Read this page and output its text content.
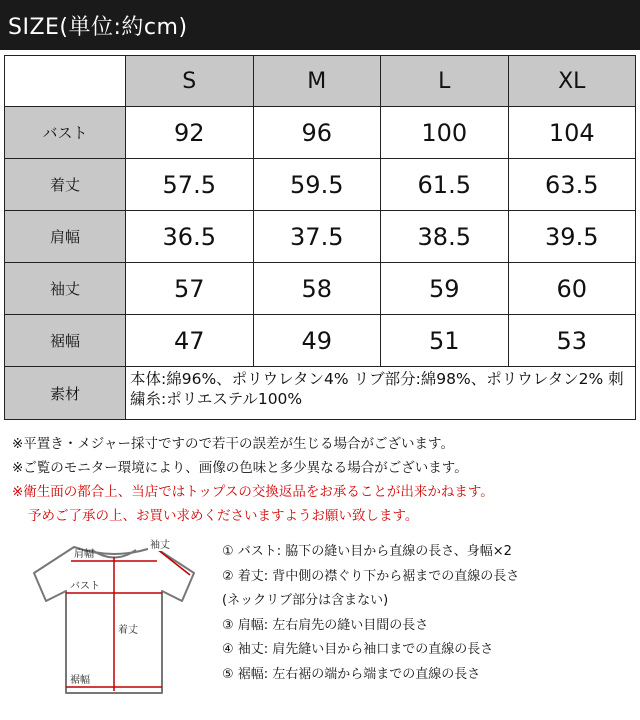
SIZE(単位:約cm)
	S	M	L	XL
バスト	92	96	100	104
着丈	57.5	59.5	61.5	63.5
肩幅	36.5	37.5	38.5	39.5
袖丈	57	58	59	60
裾幅	47	49	51	53
素材	本体:綿96%、ポリウレタン4% リブ部分:綿98%、ポリウレタン2% 刺繍糸:ポリエステル100%			
※平置き・メジャー採寸ですので若干の誤差が生じる場合がございます。
※ご覧のモニター環境により、画像の色味と多少異なる場合がございます。
※衛生面の都合上、当店ではトップスの交換返品をお承ることが出来かねます。
予めご了承の上、お買い求めくださいますようお願い致します。
袖丈
肩幅
バスト
着丈
裾幅
① バスト: 脇下の縫い目から直線の長さ、身幅×2
② 着丈: 背中側の襟ぐり下から裾までの直線の長さ
(ネックリブ部分は含まない)
③ 肩幅: 左右肩先の縫い目間の長さ
④ 袖丈: 肩先縫い目から袖口までの直線の長さ
⑤ 裾幅: 左右裾の端から端までの直線の長さ
